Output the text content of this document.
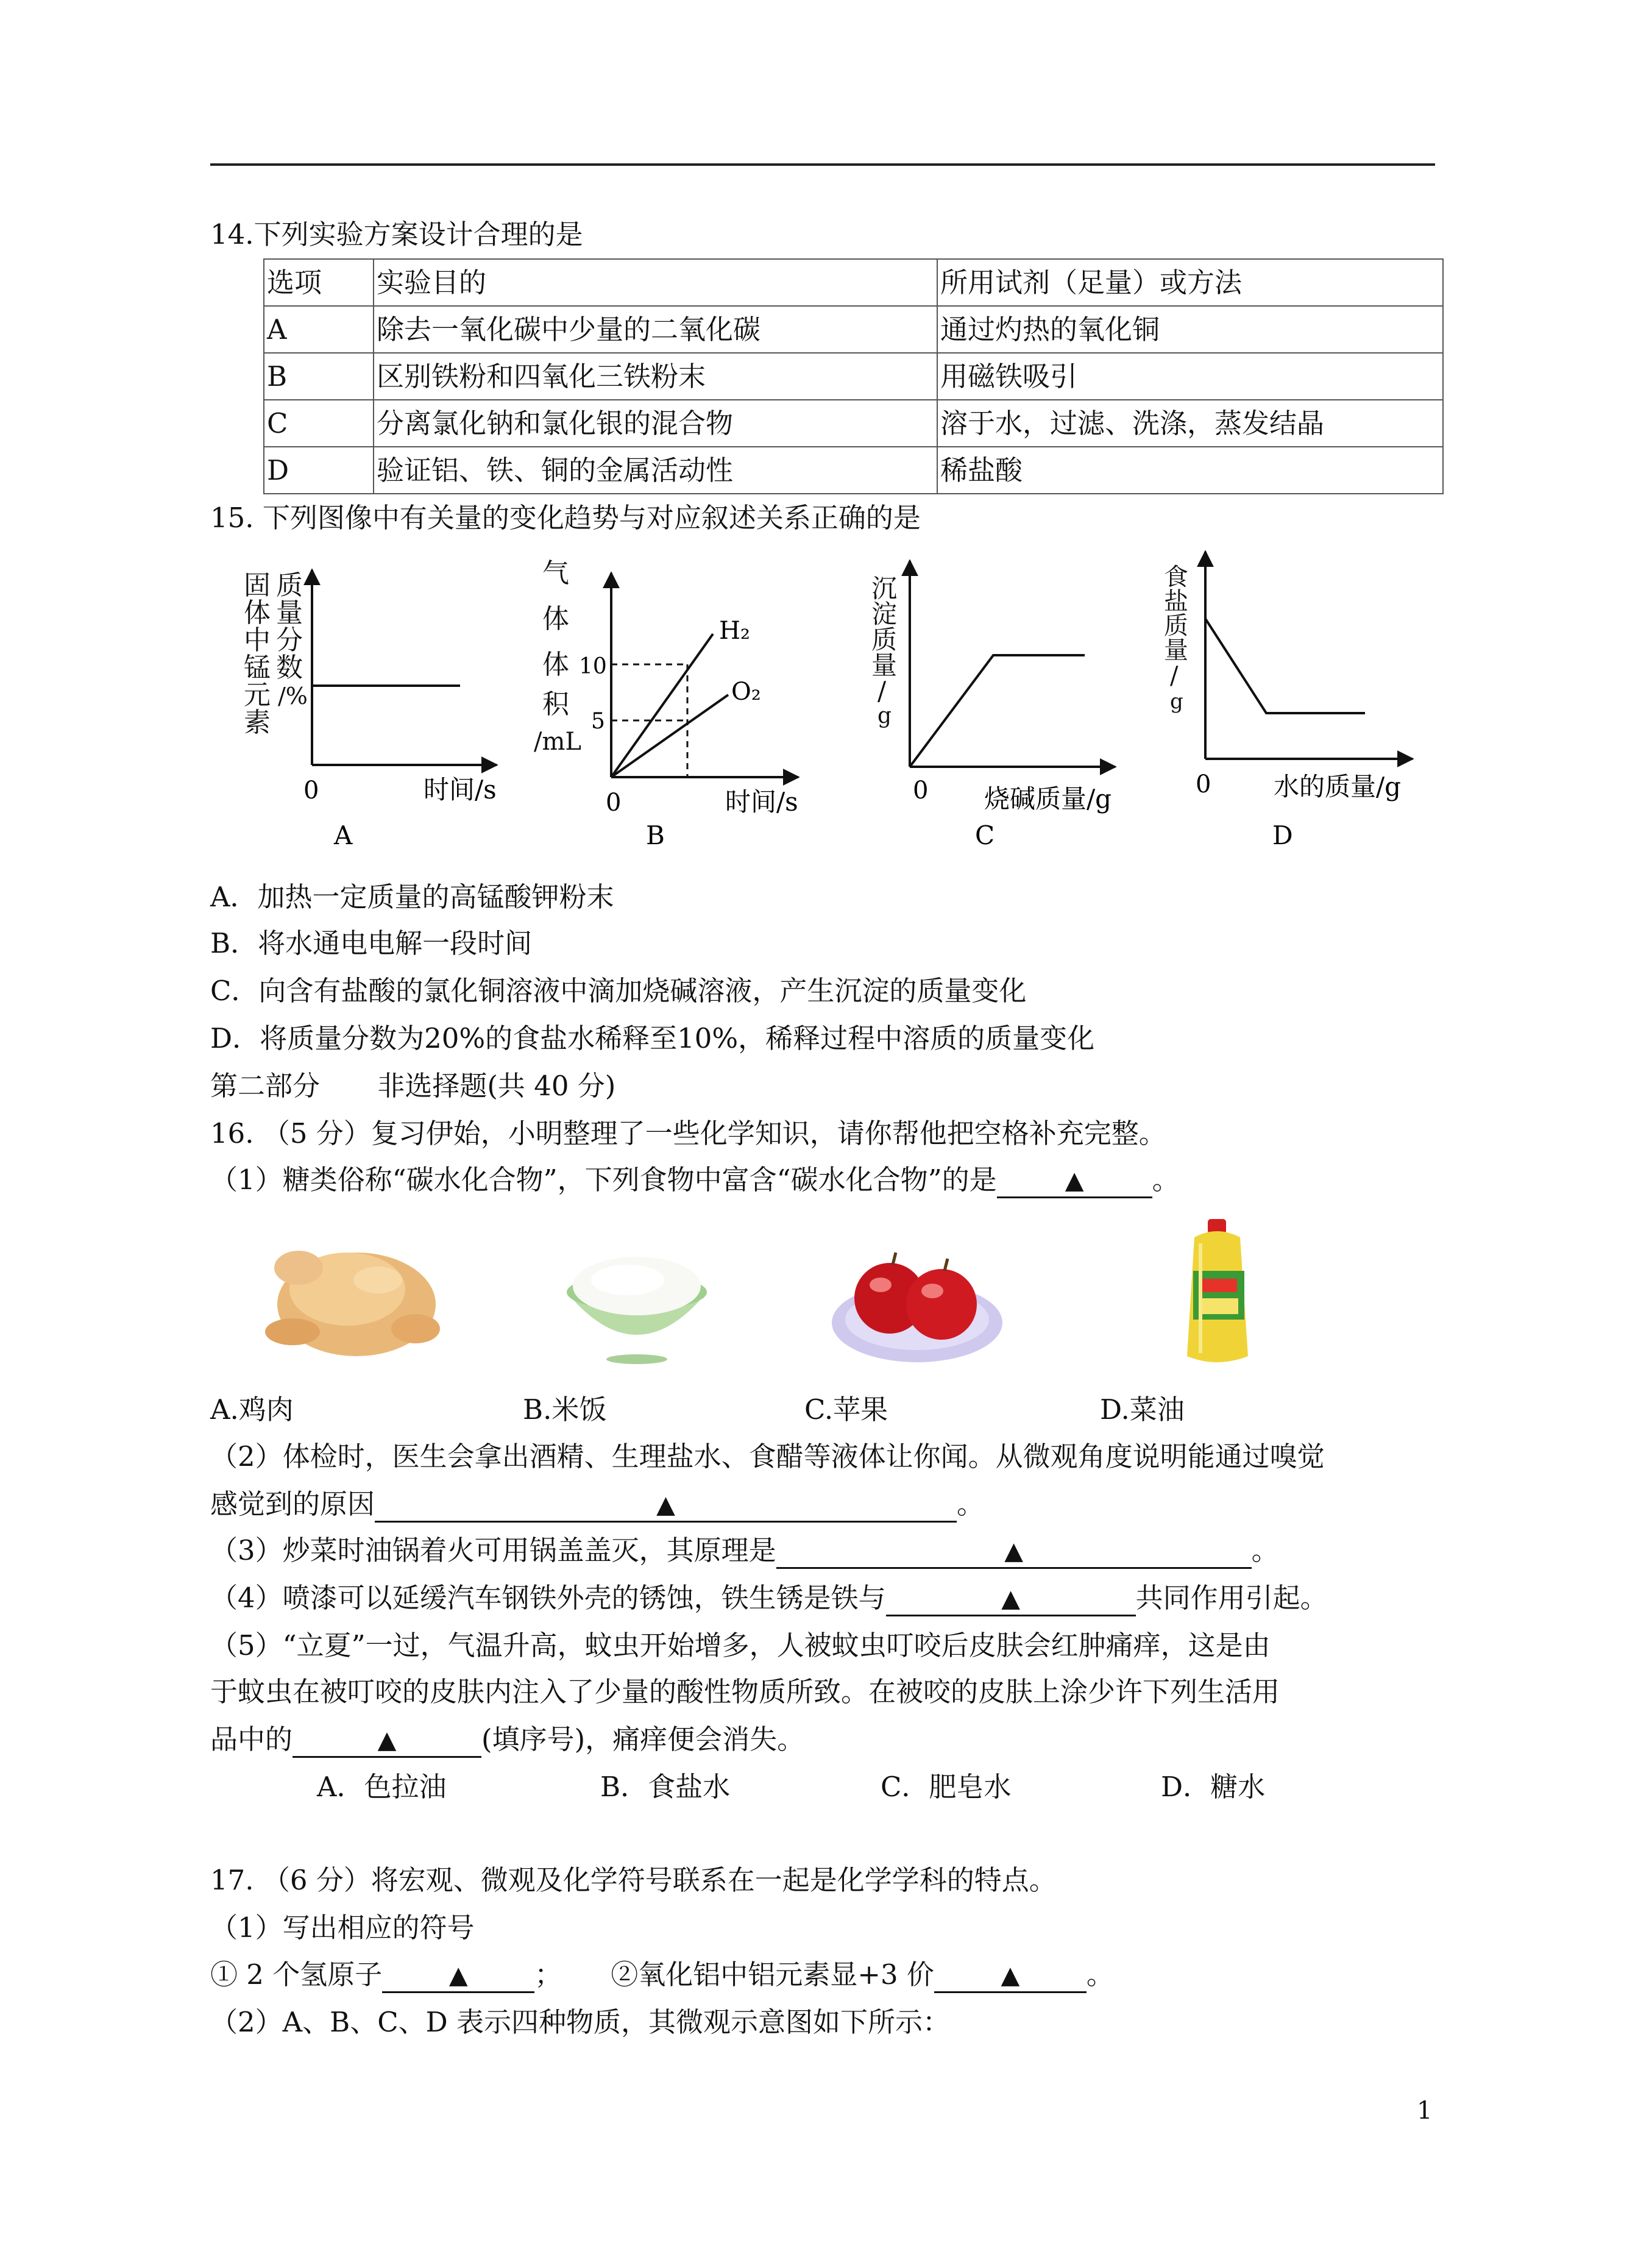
14.下列实验方案设计合理的是
选项	实验目的	所用试剂（足量）或方法
A	除去一氧化碳中少量的二氧化碳	通过灼热的氧化铜
B	区别铁粉和四氧化三铁粉末	用磁铁吸引
C	分离氯化钠和氯化银的混合物	溶于水，过滤、洗涤，蒸发结晶
D	验证铝、铁、铜的金属活动性	稀盐酸
15. 下列图像中有关量的变化趋势与对应叙述关系正确的是
固
体
中
锰
元
素
质
量
分
数
/%
0	时间/s
A
气
体
体
积
/mL
10
5
H₂
O₂
0	时间/s
B
沉
淀
质
量
/
g
0 烧碱质量/g
C
食
盐
质
量
/
g
0 水的质量/g
D
A．加热一定质量的高锰酸钾粉末
B．将水通电电解一段时间
C．向含有盐酸的氯化铜溶液中滴加烧碱溶液，产生沉淀的质量变化
D．将质量分数为20%的食盐水稀释至10%，稀释过程中溶质的质量变化
第二部分 非选择题(共 40 分)
16. （5 分）复习伊始，小明整理了一些化学知识，请你帮他把空格补充完整。
（1）糖类俗称“碳水化合物”，下列食物中富含“碳水化合物”的是	▲ 。
A.鸡肉	B.米饭	C.苹果	D.菜油
（2）体检时，医生会拿出酒精、生理盐水、食醋等液体让你闻。从微观角度说明能通过嗅觉
感觉到的原因	▲	。
（3）炒菜时油锅着火可用锅盖盖灭，其原理是	▲	。
（4）喷漆可以延缓汽车钢铁外壳的锈蚀，铁生锈是铁与	▲	共同作用引起。
（5）“立夏”一过，气温升高，蚊虫开始增多，人被蚊虫叮咬后皮肤会红肿痛痒，这是由
于蚊虫在被叮咬的皮肤内注入了少量的酸性物质所致。在被咬的皮肤上涂少许下列生活用
品中的	▲	(填序号)，痛痒便会消失。
A．色拉油	B．食盐水	C．肥皂水	D．糖水
17. （6 分）将宏观、微观及化学符号联系在一起是化学学科的特点。
（1）写出相应的符号
① 2 个氢原子	▲ ； ②氧化铝中铝元素显+3 价	▲ 。
（2）A、B、C、D 表示四种物质，其微观示意图如下所示：
1
